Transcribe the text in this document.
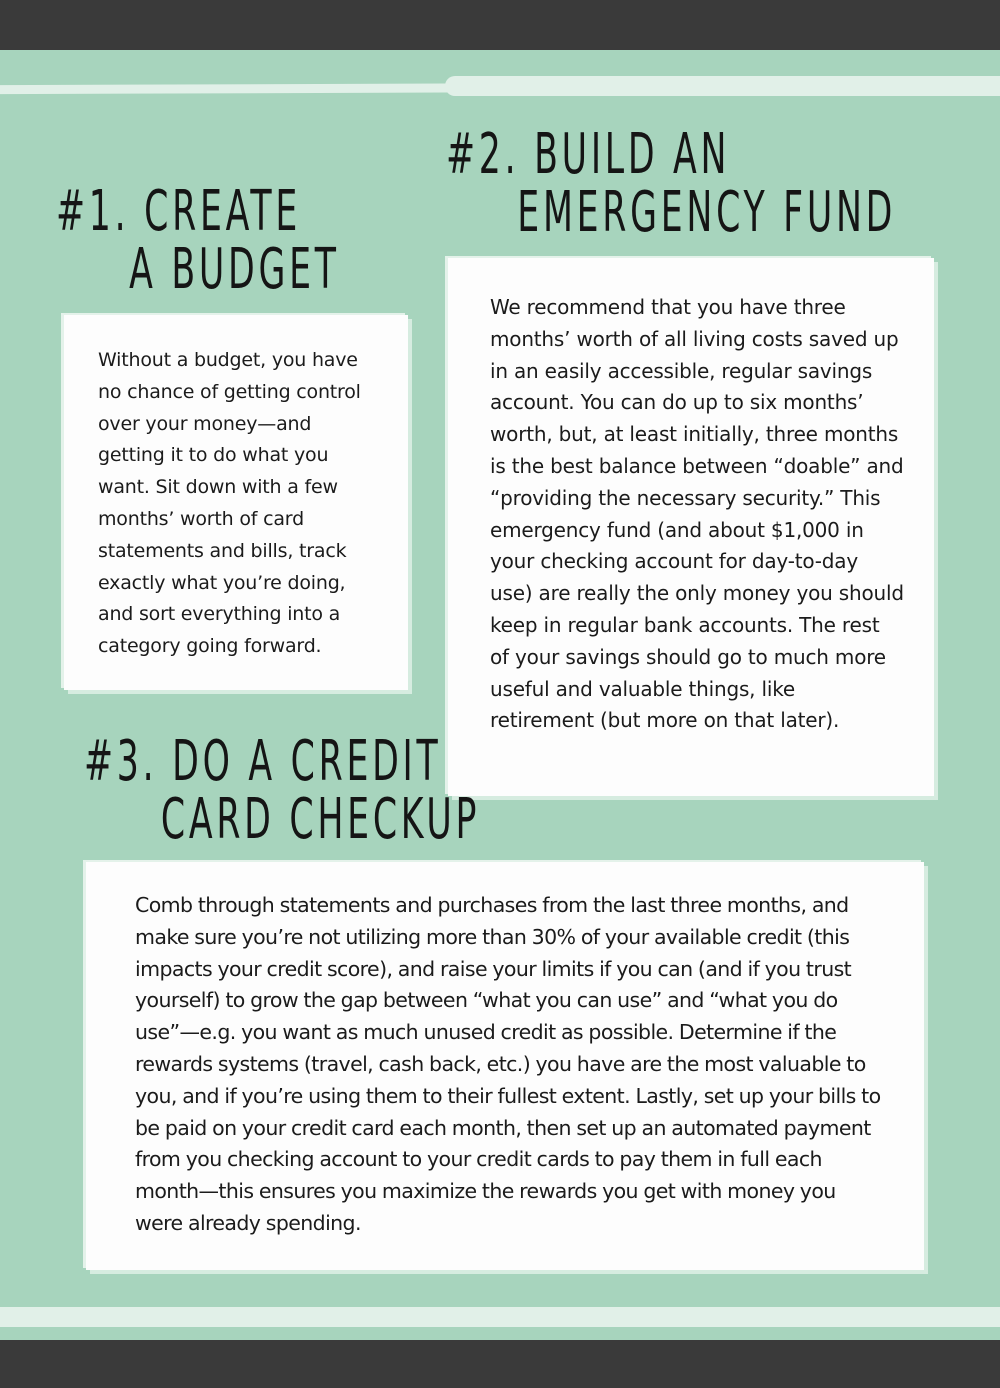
#1. CREATE
A BUDGET
#2. BUILD AN
EMERGENCY FUND

Without a budget, you have no chance of getting control over your money—and getting it to do what you want. Sit down with a few months’ worth of card statements and bills, track exactly what you’re doing, and sort everything into a category going forward.

We recommend that you have three months’ worth of all living costs saved up in an easily accessible, regular savings account. You can do up to six months’ worth, but, at least initially, three months is the best balance between “doable” and “providing the necessary security.” This emergency fund (and about $1,000 in your checking account for day-to-day use) are really the only money you should keep in regular bank accounts. The rest of your savings should go to much more useful and valuable things, like retirement (but more on that later).

#3. DO A CREDIT
CARD CHECKUP

Comb through statements and purchases from the last three months, and make sure you’re not utilizing more than 30% of your available credit (this impacts your credit score), and raise your limits if you can (and if you trust yourself) to grow the gap between “what you can use” and “what you do use”—e.g. you want as much unused credit as possible. Determine if the rewards systems (travel, cash back, etc.) you have are the most valuable to you, and if you’re using them to their fullest extent. Lastly, set up your bills to be paid on your credit card each month, then set up an automated payment from you checking account to your credit cards to pay them in full each month—this ensures you maximize the rewards you get with money you were already spending.
